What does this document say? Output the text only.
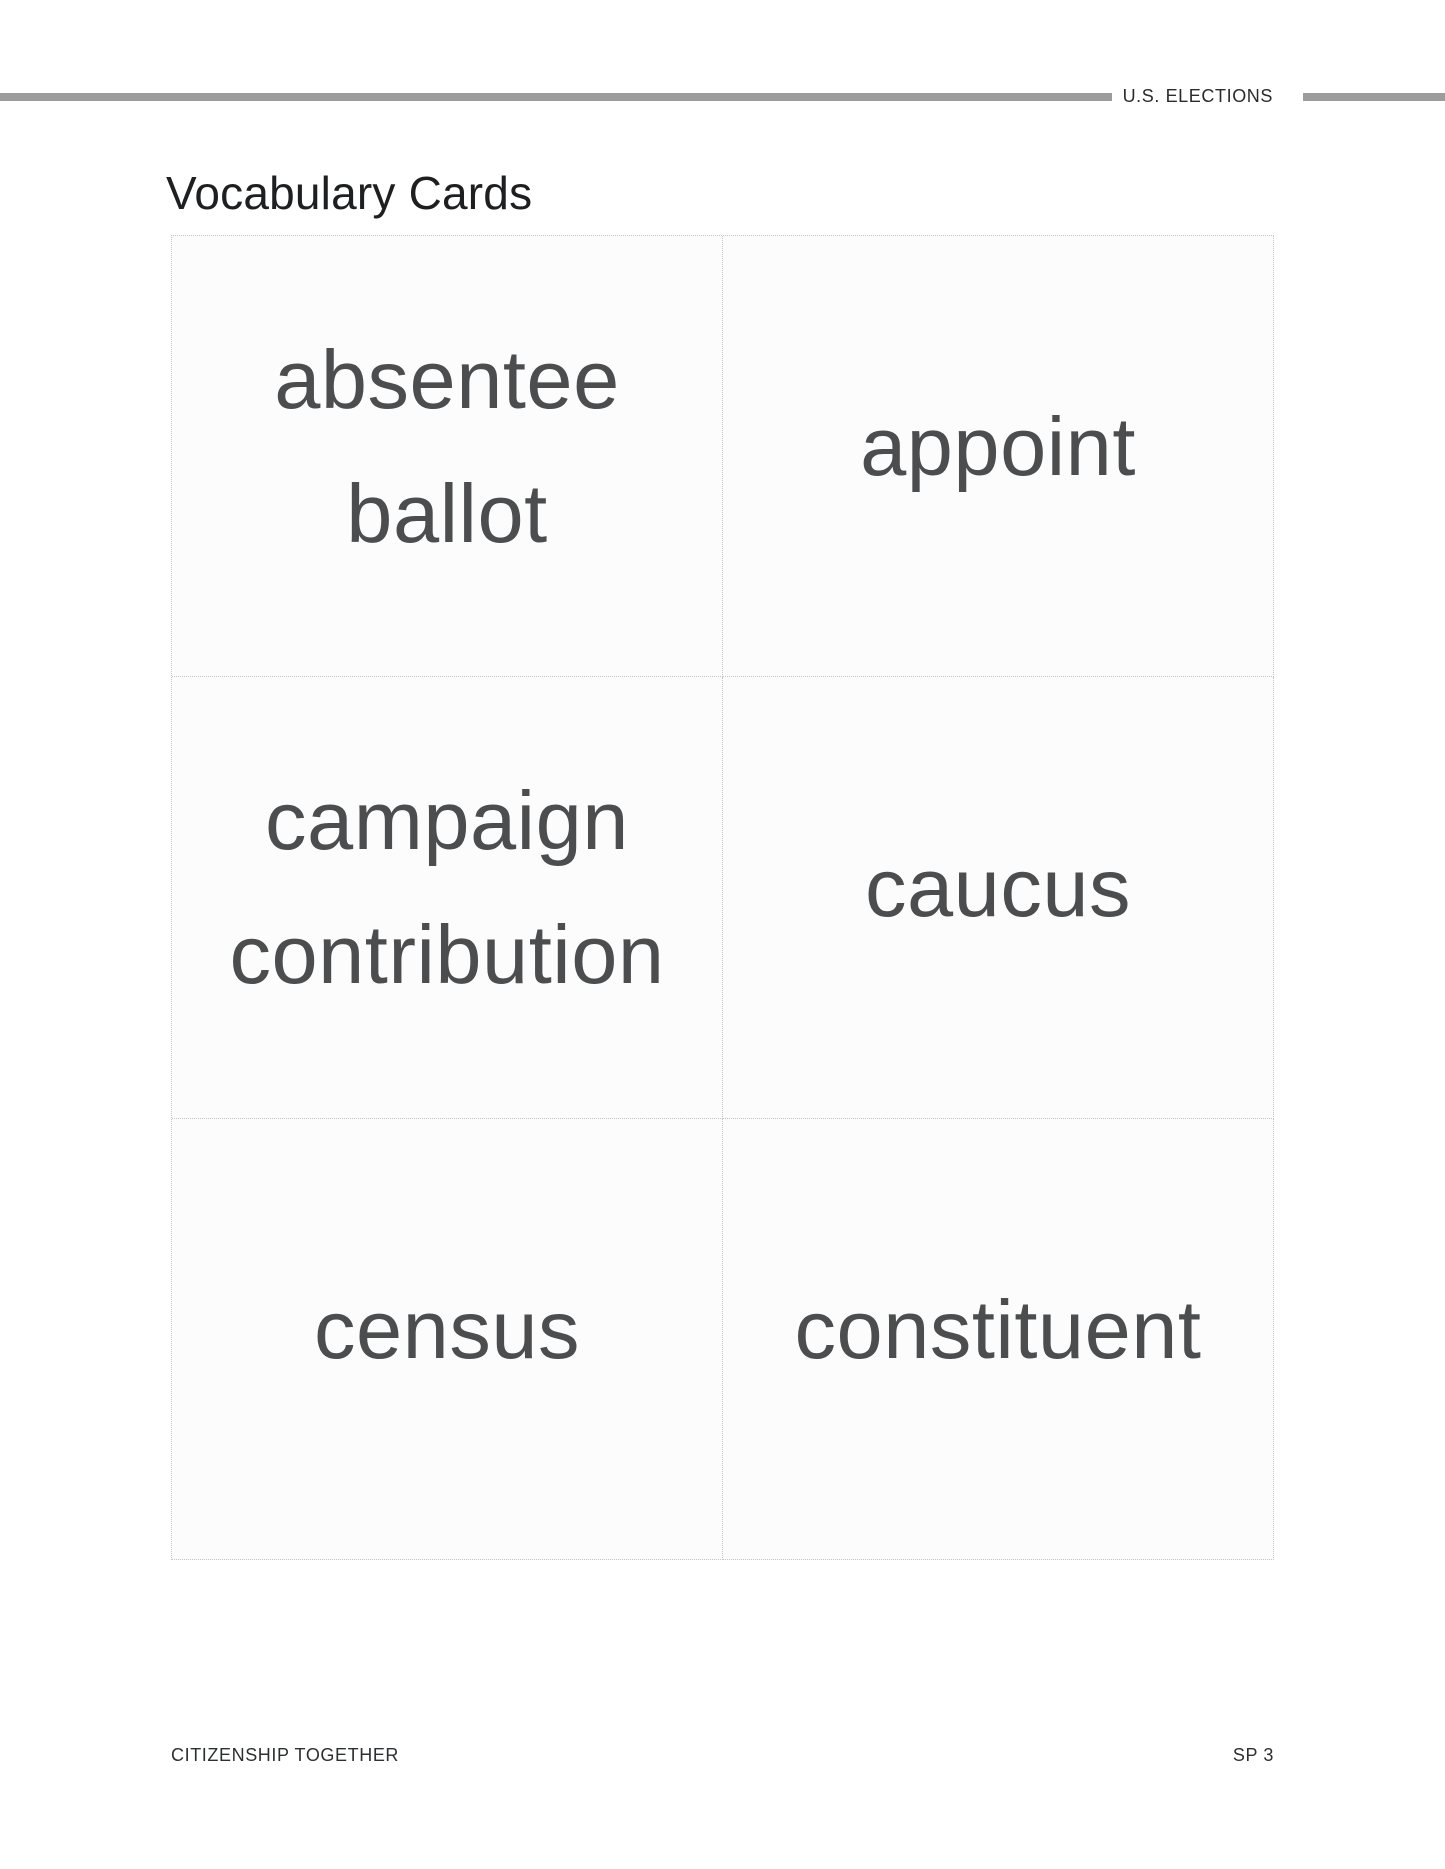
U.S. ELECTIONS
Vocabulary Cards
absentee
ballot
appoint
campaign
contribution
caucus
census	constituent
CITIZENSHIP TOGETHER	SP 3
